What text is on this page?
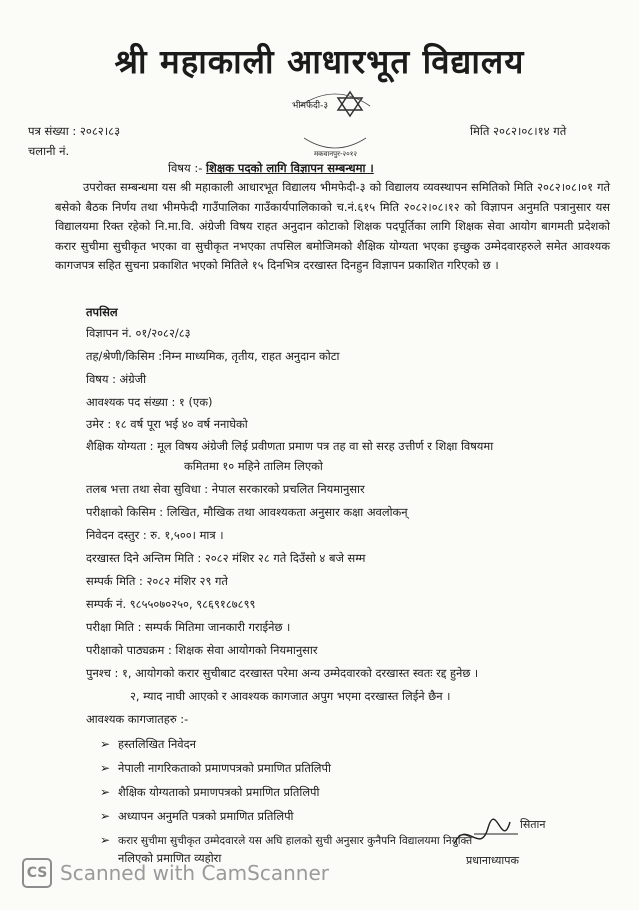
श्री महाकाली आधारभूत विद्यालय
पत्र संख्या : २०८२।८३
चलानी नं.
मिति २०८२।०८।१४ गते
भीमफेदी-३
मकवानपुर-२०१२
विषय :- शिक्षक पदको लागि विज्ञापन सम्बन्धमा ।
उपरोक्त सम्बन्धमा यस श्री महाकाली आधारभूत विद्यालय भीमफेदी-३ को विद्यालय व्यवस्थापन समितिको मिति २०८२।०८।०१ गते बसेको बैठक निर्णय तथा भीमफेदी गाउँपालिका गाउँकार्यपालिकाको च.नं.६१५ मिति २०८२।०८।१२ को विज्ञापन अनुमति पत्रानुसार यस विद्यालयमा रिक्त रहेको नि.मा.वि. अंग्रेजी विषय राहत अनुदान कोटाको शिक्षक पदपूर्तिका लागि शिक्षक सेवा आयोग बागमती प्रदेशको करार सुचीमा सुचीकृत भएका वा सुचीकृत नभएका तपसिल बमोजिमको शैक्षिक योग्यता भएका इच्छुक उम्मेदवारहरुले समेत आवश्यक कागजपत्र सहित सुचना प्रकाशित भएको मितिले १५ दिनभित्र दरखास्त दिनहुन विज्ञापन प्रकाशित गरिएको छ ।
तपसिल
विज्ञापन नं. ०१/२०८२/८३
तह/श्रेणी/किसिम :निम्न माध्यमिक, तृतीय, राहत अनुदान कोटा
विषय : अंग्रेजी
आवश्यक पद संख्या : १ (एक)
उमेर : १८ वर्ष पूरा भई ४० वर्ष ननाघेको
शैक्षिक योग्यता : मूल विषय अंग्रेजी लिई प्रवीणता प्रमाण पत्र तह वा सो सरह उत्तीर्ण र शिक्षा विषयमा
कमितमा १० महिने तालिम लिएको
तलब भत्ता तथा सेवा सुविधा : नेपाल सरकारको प्रचलित नियमानुसार
परीक्षाको किसिम : लिखित, मौखिक तथा आवश्यकता अनुसार कक्षा अवलोकन्
निवेदन दस्तुर : रु. १,५००। मात्र ।
दरखास्त दिने अन्तिम मिति : २०८२ मंशिर २८ गते दिउँसो ४ बजे सम्म
सम्पर्क मिति : २०८२ मंशिर २९ गते
सम्पर्क नं. ९८५५०७०२५०, ९८६९१८७८९९
परीक्षा मिति : सम्पर्क मितिमा जानकारी गराईनेछ ।
परीक्षाको पाठ्यक्रम : शिक्षक सेवा आयोगको नियमानुसार
पुनश्च : १, आयोगको करार सुचीबाट दरखास्त परेमा अन्य उम्मेदवारको दरखास्त स्वतः रद्द हुनेछ ।
२, म्याद नाघी आएको र आवश्यक कागजात अपुग भएमा दरखास्त लिईने छैन ।
आवश्यक कागजातहरु :-
➢ हस्तलिखित निवेदन
➢ नेपाली नागरिकताको प्रमाणपत्रको प्रमाणित प्रतिलिपी
➢ शैक्षिक योग्यताको प्रमाणपत्रको प्रमाणित प्रतिलिपी
➢ अध्यापन अनुमति पत्रको प्रमाणित प्रतिलिपी
➢ करार सुचीमा सुचीकृत उम्मेदवारले यस अघि हालको सुची अनुसार कुनैपनि विद्यालयमा नियुक्ति
नलिएको प्रमाणित व्यहोरा
सितान
प्रधानाध्यापक
CS Scanned with CamScanner
